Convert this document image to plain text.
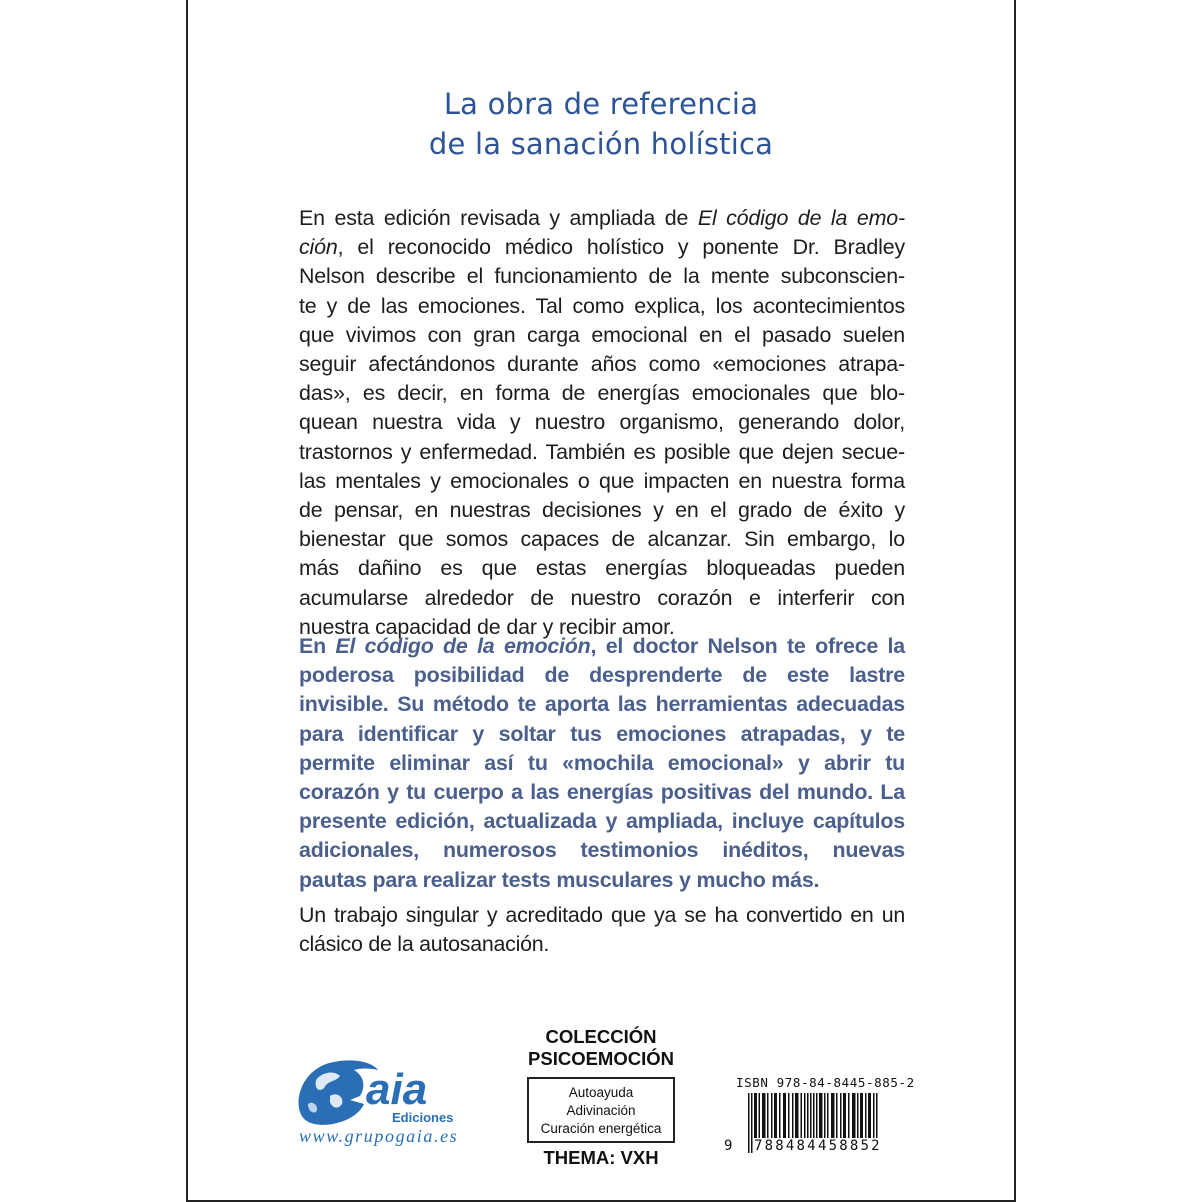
La obra de referencia
de la sanación holística
En esta edición revisada y ampliada de El código de la emo-
ción, el reconocido médico holístico y ponente Dr. Bradley
Nelson describe el funcionamiento de la mente subconscien-
te y de las emociones. Tal como explica, los acontecimientos
que vivimos con gran carga emocional en el pasado suelen
seguir afectándonos durante años como «emociones atrapa-
das», es decir, en forma de energías emocionales que blo-
quean nuestra vida y nuestro organismo, generando dolor,
trastornos y enfermedad. También es posible que dejen secue-
las mentales y emocionales o que impacten en nuestra forma
de pensar, en nuestras decisiones y en el grado de éxito y
bienestar que somos capaces de alcanzar. Sin embargo, lo
más dañino es que estas energías bloqueadas pueden
acumularse alrededor de nuestro corazón e interferir con
nuestra capacidad de dar y recibir amor.
En El código de la emoción, el doctor Nelson te ofrece la
poderosa posibilidad de desprenderte de este lastre
invisible. Su método te aporta las herramientas adecuadas
para identificar y soltar tus emociones atrapadas, y te
permite eliminar así tu «mochila emocional» y abrir tu
corazón y tu cuerpo a las energías positivas del mundo. La
presente edición, actualizada y ampliada, incluye capítulos
adicionales, numerosos testimonios inéditos, nuevas
pautas para realizar tests musculares y mucho más.
Un trabajo singular y acreditado que ya se ha convertido en un
clásico de la autosanación.
aia
Ediciones
www.grupogaia.es
COLECCIÓN
PSICOEMOCIÓN
Autoayuda
Adivinación
Curación energética
THEMA: VXH
ISBN 978-84-8445-885-2
9 788484 458852
